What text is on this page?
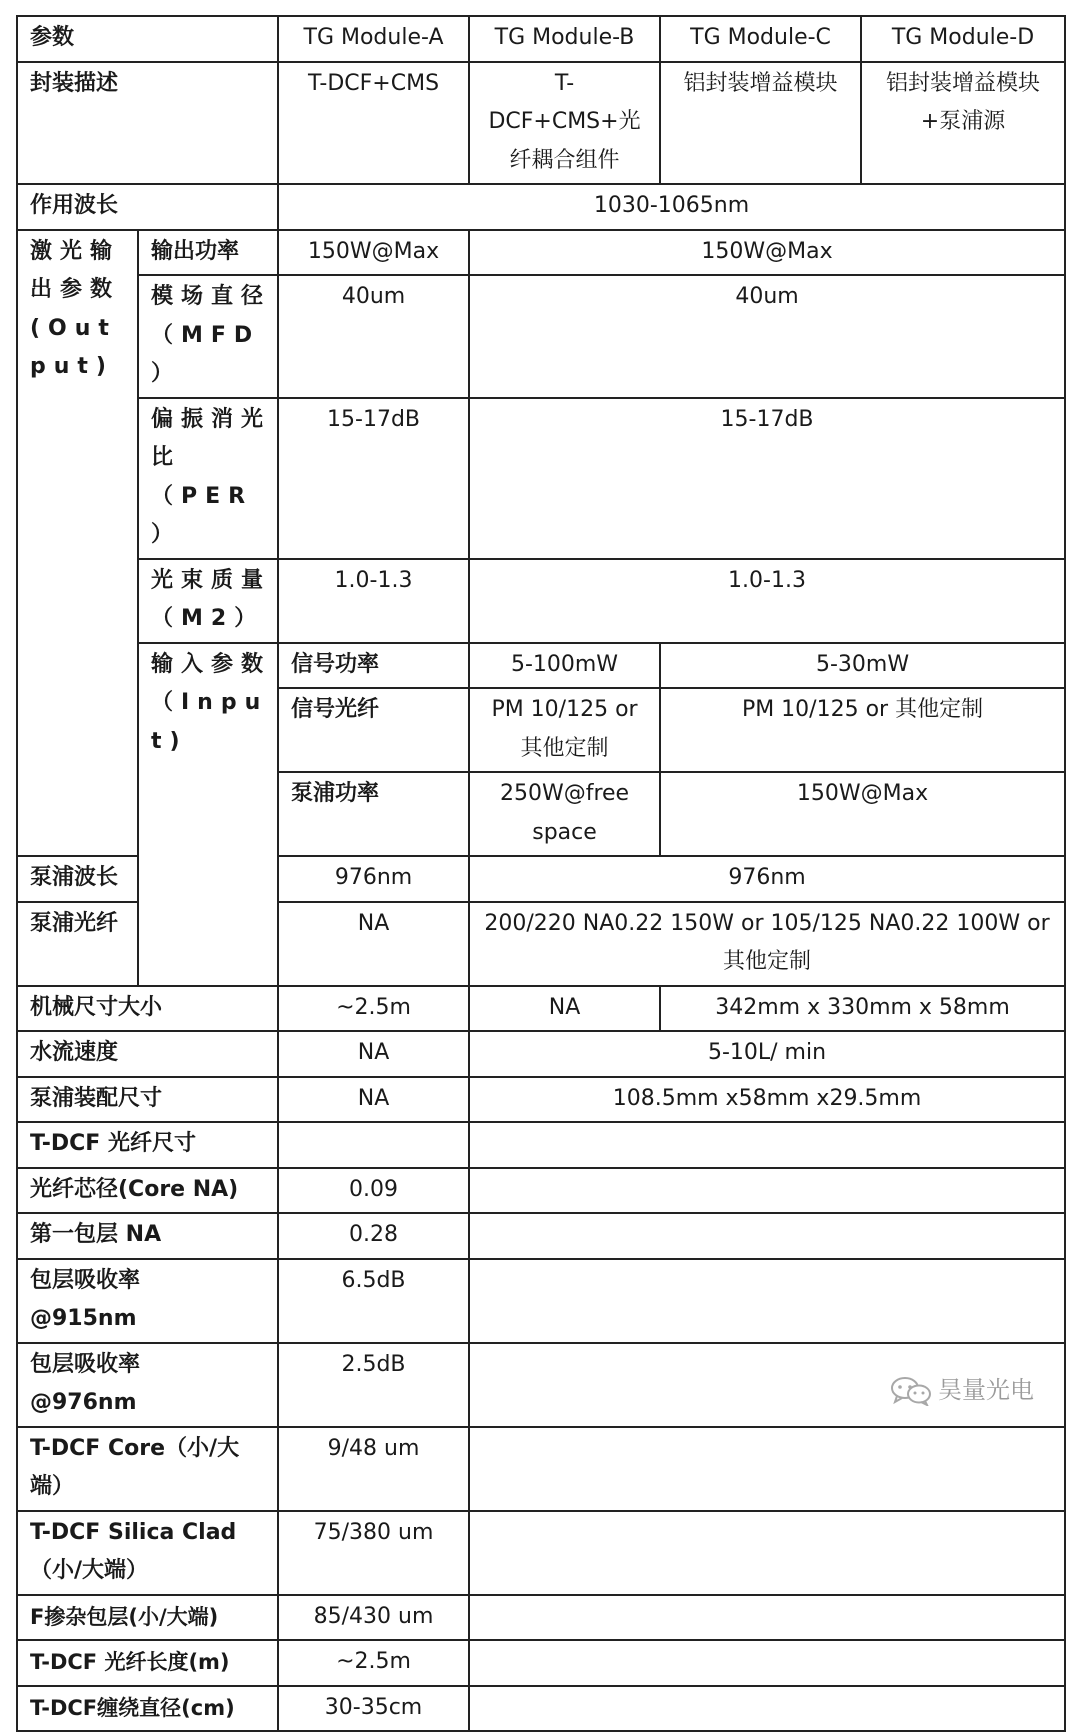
参数		TG Module-A	TG Module-B	TG Module-C	TG Module-D
封装描述		T-DCF+CMS	T-DCF+CMS+光纤耦合组件	铝封装增益模块	铝封装增益模块+泵浦源
作用波长		1030-1065nm			
激光输出参数(Output)	输出功率	150W@Max	150W@Max		
	模场直径（MFD）	40um	40um		
	偏振消光比（PER）	15-17dB	15-17dB		
	光束质量（M2）	1.0-1.3	1.0-1.3		
	输入参数（Input)	信号功率	5-100mW	5-30mW	
		信号光纤	PM 10/125 or 其他定制	PM 10/125 or 其他定制	
		泵浦功率	250W@free space	150W@Max	
泵浦波长		976nm	976nm		
泵浦光纤		NA	200/220 NA0.22 150W or 105/125 NA0.22 100W or 其他定制		
机械尺寸大小		~2.5m	NA	342mm x 330mm x 58mm	
水流速度		NA	5-10L/ min		
泵浦装配尺寸		NA	108.5mm x58mm x29.5mm		
T-DCF 光纤尺寸					
光纤芯径(Core NA)		0.09			
第一包层 NA		0.28			
包层吸收率@915nm		6.5dB			
包层吸收率@976nm		2.5dB			
T-DCF Core（小/大端）		9/48 um			
T-DCF Silica Clad（小/大端）		75/380 um			
F掺杂包层(小/大端)		85/430 um			
T-DCF 光纤长度(m)		~2.5m			
T-DCF缠绕直径(cm)		30-35cm			
昊量光电
